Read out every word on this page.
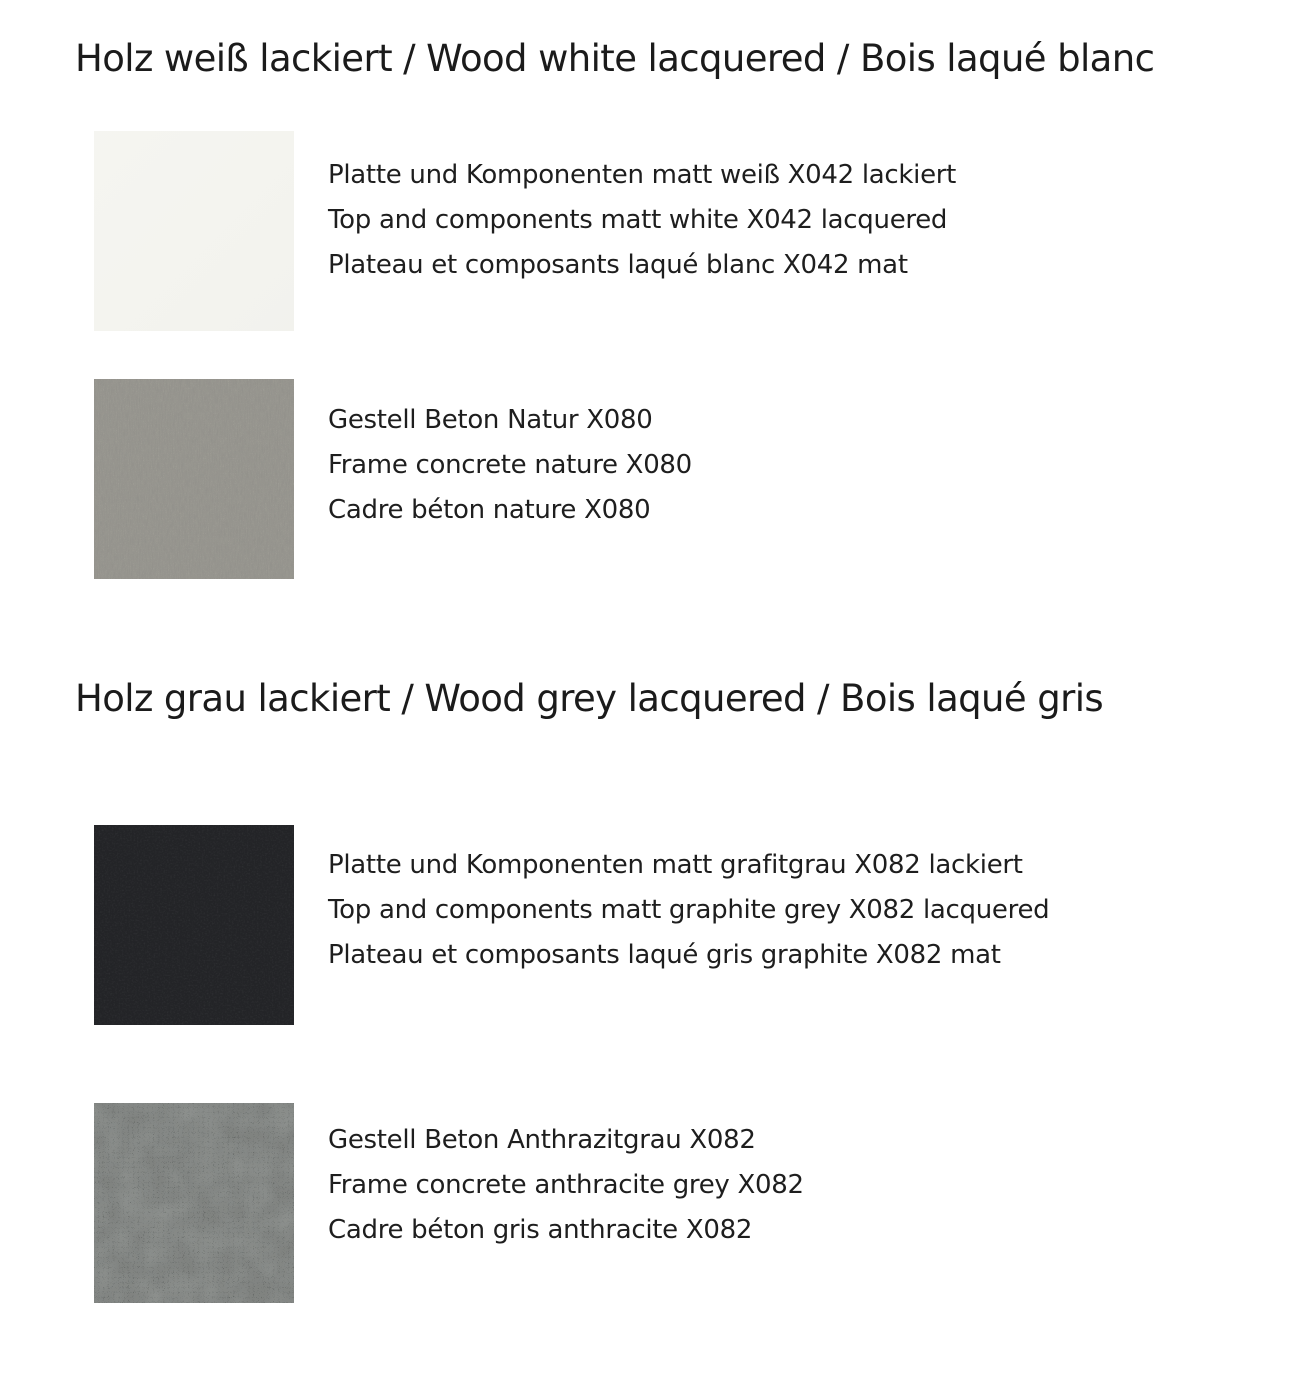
Holz weiß lackiert / Wood white lacquered / Bois laqué blanc
Platte und Komponenten matt weiß X042 lackiert
Top and components matt white X042 lacquered
Plateau et composants laqué blanc X042 mat
Gestell Beton Natur X080
Frame concrete nature X080
Cadre béton nature X080
Holz grau lackiert / Wood grey lacquered / Bois laqué gris
Platte und Komponenten matt grafitgrau X082 lackiert
Top and components matt graphite grey X082 lacquered
Plateau et composants laqué gris graphite X082 mat
Gestell Beton Anthrazitgrau X082
Frame concrete anthracite grey X082
Cadre béton gris anthracite X082
